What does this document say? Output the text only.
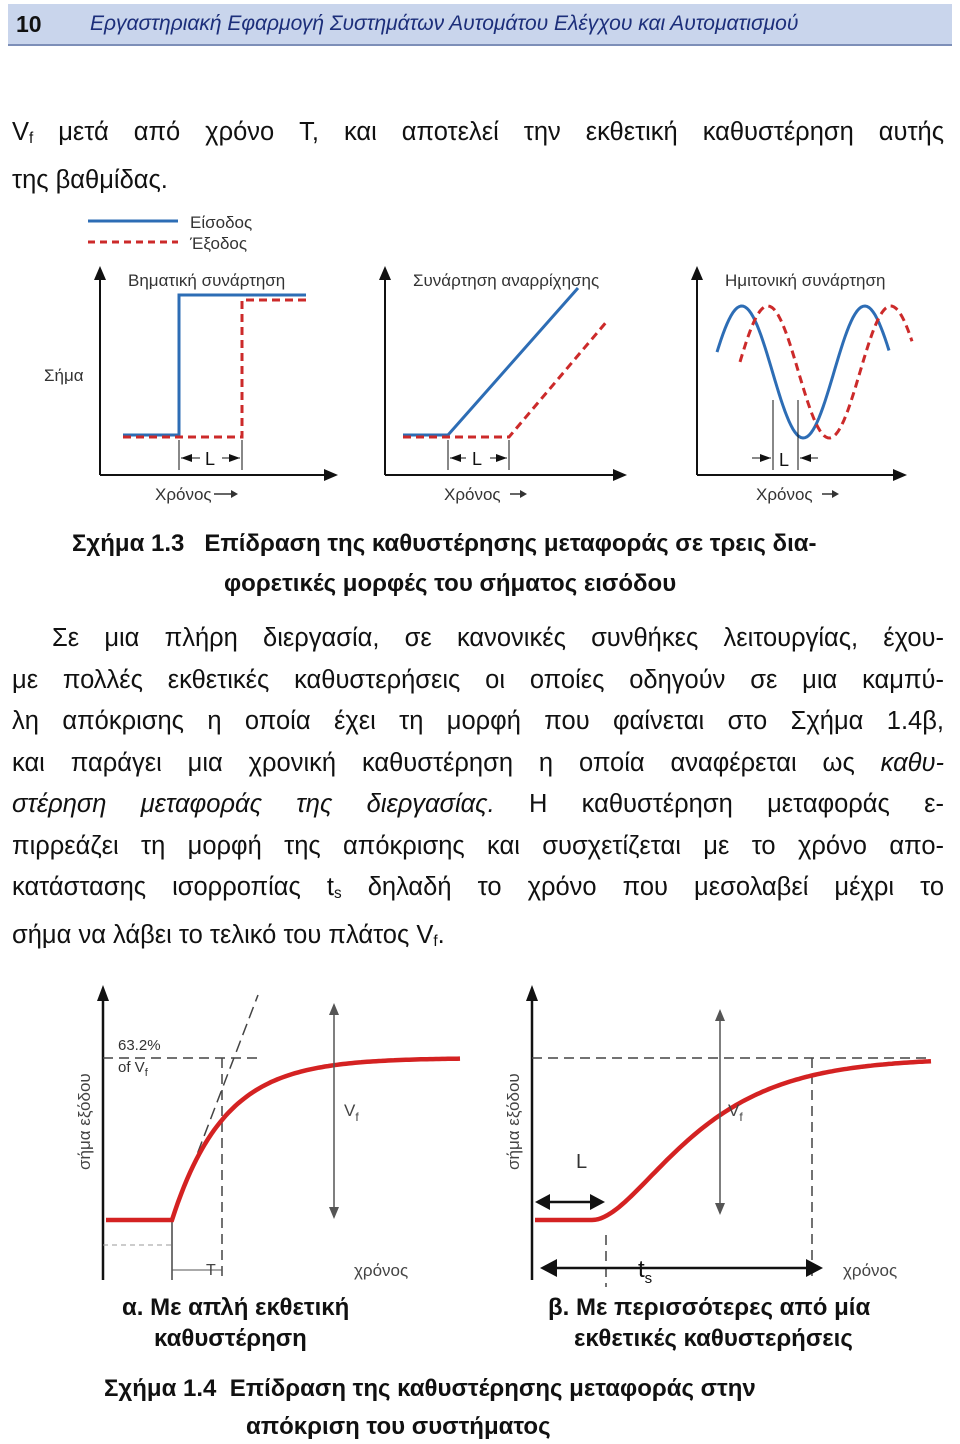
10 Εργαστηριακή Εφαρμογή Συστημάτων Αυτομάτου Ελέγχου και Αυτοματισμού
$V_f$ μετά από χρόνο T, και αποτελεί την εκθετική καθυστέρηση αυτής
της βαθμίδας.
Είσοδος
Έξοδος
Σήμα
Βηματική συνάρτηση
L
Χρόνος
Συνάρτηση αναρρίχησης
L
Χρόνος
Ημιτονική συνάρτηση
L
Χρόνος
Σχήμα 1.3 Επίδραση της καθυστέρησης μεταφοράς σε τρεις δια-
φορετικές μορφές του σήματος εισόδου
Σε μια πλήρη διεργασία, σε κανονικές συνθήκες λειτουργίας, έχου-
με πολλές εκθετικές καθυστερήσεις οι οποίες οδηγούν σε μια καμπύ-
λη απόκρισης η οποία έχει τη μορφή που φαίνεται στο Σχήμα 1.4β,
και παράγει μια χρονική καθυστέρηση η οποία αναφέρεται ως καθυ-
στέρηση μεταφοράς της διεργασίας. Η καθυστέρηση μεταφοράς ε-
πιρρεάζει τη μορφή της απόκρισης και συσχετίζεται με το χρόνο απο-
κατάστασης ισορροπίας $t_s$ δηλαδή το χρόνο που μεσολαβεί μέχρι το
σήμα να λάβει το τελικό του πλάτος $V_f$.
σήμα εξόδου
63.2%
of $V_f$
$V_f$
T	χρόνος
σήμα εξόδου	$V_f$
L
$t_s$	χρόνος
α. Με απλή εκθετική
καθυστέρηση
β. Με περισσότερες από μία
εκθετικές καθυστερήσεις
Σχήμα 1.4 Επίδραση της καθυστέρησης μεταφοράς στην
απόκριση του συστήματος
